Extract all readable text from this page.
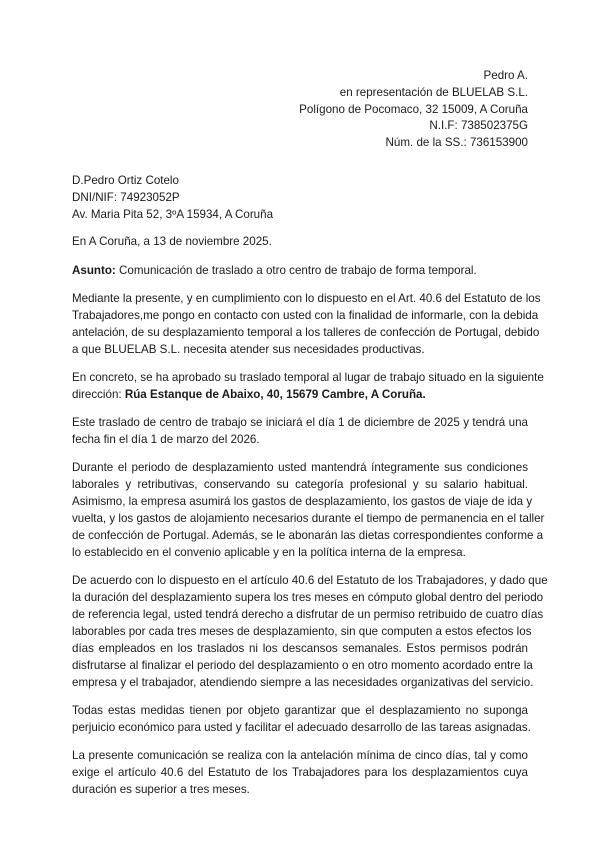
Pedro A.
en representación de BLUELAB S.L.
Polígono de Pocomaco, 32 15009, A Coruña
N.I.F: 738502375G
Núm. de la SS.: 736153900
D.Pedro Ortiz Cotelo
DNI/NIF: 74923052P
Av. Maria Pita 52, 3ºA 15934, A Coruña
En A Coruña, a 13 de noviembre 2025.
Asunto: Comunicación de traslado a otro centro de trabajo de forma temporal.
Mediante la presente, y en cumplimiento con lo dispuesto en el Art. 40.6 del Estatuto de los
Trabajadores,me pongo en contacto con usted con la finalidad de informarle, con la debida
antelación, de su desplazamiento temporal a los talleres de confección de Portugal, debido
a que BLUELAB S.L. necesita atender sus necesidades productivas.
En concreto, se ha aprobado su traslado temporal al lugar de trabajo situado en la siguiente
dirección: Rúa Estanque de Abaixo, 40, 15679 Cambre, A Coruña.
Este traslado de centro de trabajo se iniciará el día 1 de diciembre de 2025 y tendrá una
fecha fin el día 1 de marzo del 2026.
Durante el periodo de desplazamiento usted mantendrá íntegramente sus condiciones
laborales y retributivas, conservando su categoría profesional y su salario habitual.
Asimismo, la empresa asumirá los gastos de desplazamiento, los gastos de viaje de ida y
vuelta, y los gastos de alojamiento necesarios durante el tiempo de permanencia en el taller
de confección de Portugal. Además, se le abonarán las dietas correspondientes conforme a
lo establecido en el convenio aplicable y en la política interna de la empresa.
De acuerdo con lo dispuesto en el artículo 40.6 del Estatuto de los Trabajadores, y dado que
la duración del desplazamiento supera los tres meses en cómputo global dentro del periodo
de referencia legal, usted tendrá derecho a disfrutar de un permiso retribuido de cuatro días
laborables por cada tres meses de desplazamiento, sin que computen a estos efectos los
días empleados en los traslados ni los descansos semanales. Estos permisos podrán
disfrutarse al finalizar el periodo del desplazamiento o en otro momento acordado entre la
empresa y el trabajador, atendiendo siempre a las necesidades organizativas del servicio.
Todas estas medidas tienen por objeto garantizar que el desplazamiento no suponga
perjuicio económico para usted y facilitar el adecuado desarrollo de las tareas asignadas.
La presente comunicación se realiza con la antelación mínima de cinco días, tal y como
exige el artículo 40.6 del Estatuto de los Trabajadores para los desplazamientos cuya
duración es superior a tres meses.
